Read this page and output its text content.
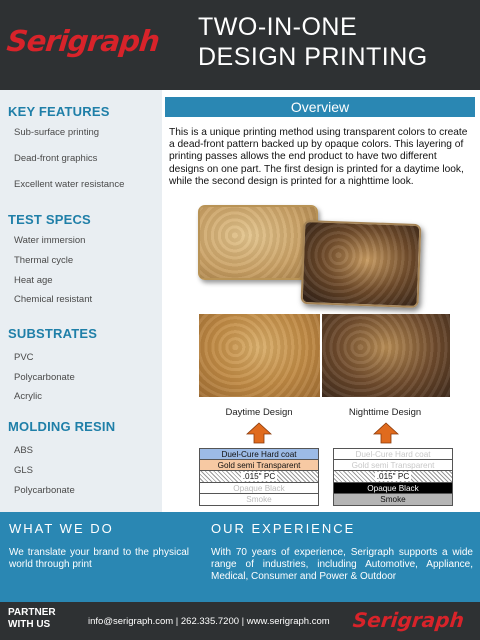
Serigraph TWO-IN-ONE
DESIGN PRINTING
KEY FEATURES
Sub-surface printing
Dead-front graphics
Excellent water resistance
TEST SPECS
Water immersion
Thermal cycle
Heat age
Chemical resistant
SUBSTRATES
PVC
Polycarbonate
Acrylic
MOLDING RESIN
ABS
GLS
Polycarbonate
Overview
This is a unique printing method using transparent colors to create a dead-front pattern backed up by opaque colors. This layering of printing passes allows the end product to have two different designs on one part. The first design is printed for a daytime look, while the second design is printed for a nighttime look.
Daytime Design	Nighttime Design
Duel-Cure Hard coat
Gold semi Transparent
.015" PC
Opaque Black
Smoke
Duel-Cure Hard coat
Gold semi Transparent
.015" PC
Opaque Black
Smoke
WHAT WE DO
We translate your brand to the physical world through print
OUR EXPERIENCE
With 70 years of experience, Serigraph supports a wide range of industries, including Automotive, Appliance, Medical, Consumer and Power & Outdoor
PARTNER
WITH US	info@serigraph.com | 262.335.7200 | www.serigraph.com Serigraph
